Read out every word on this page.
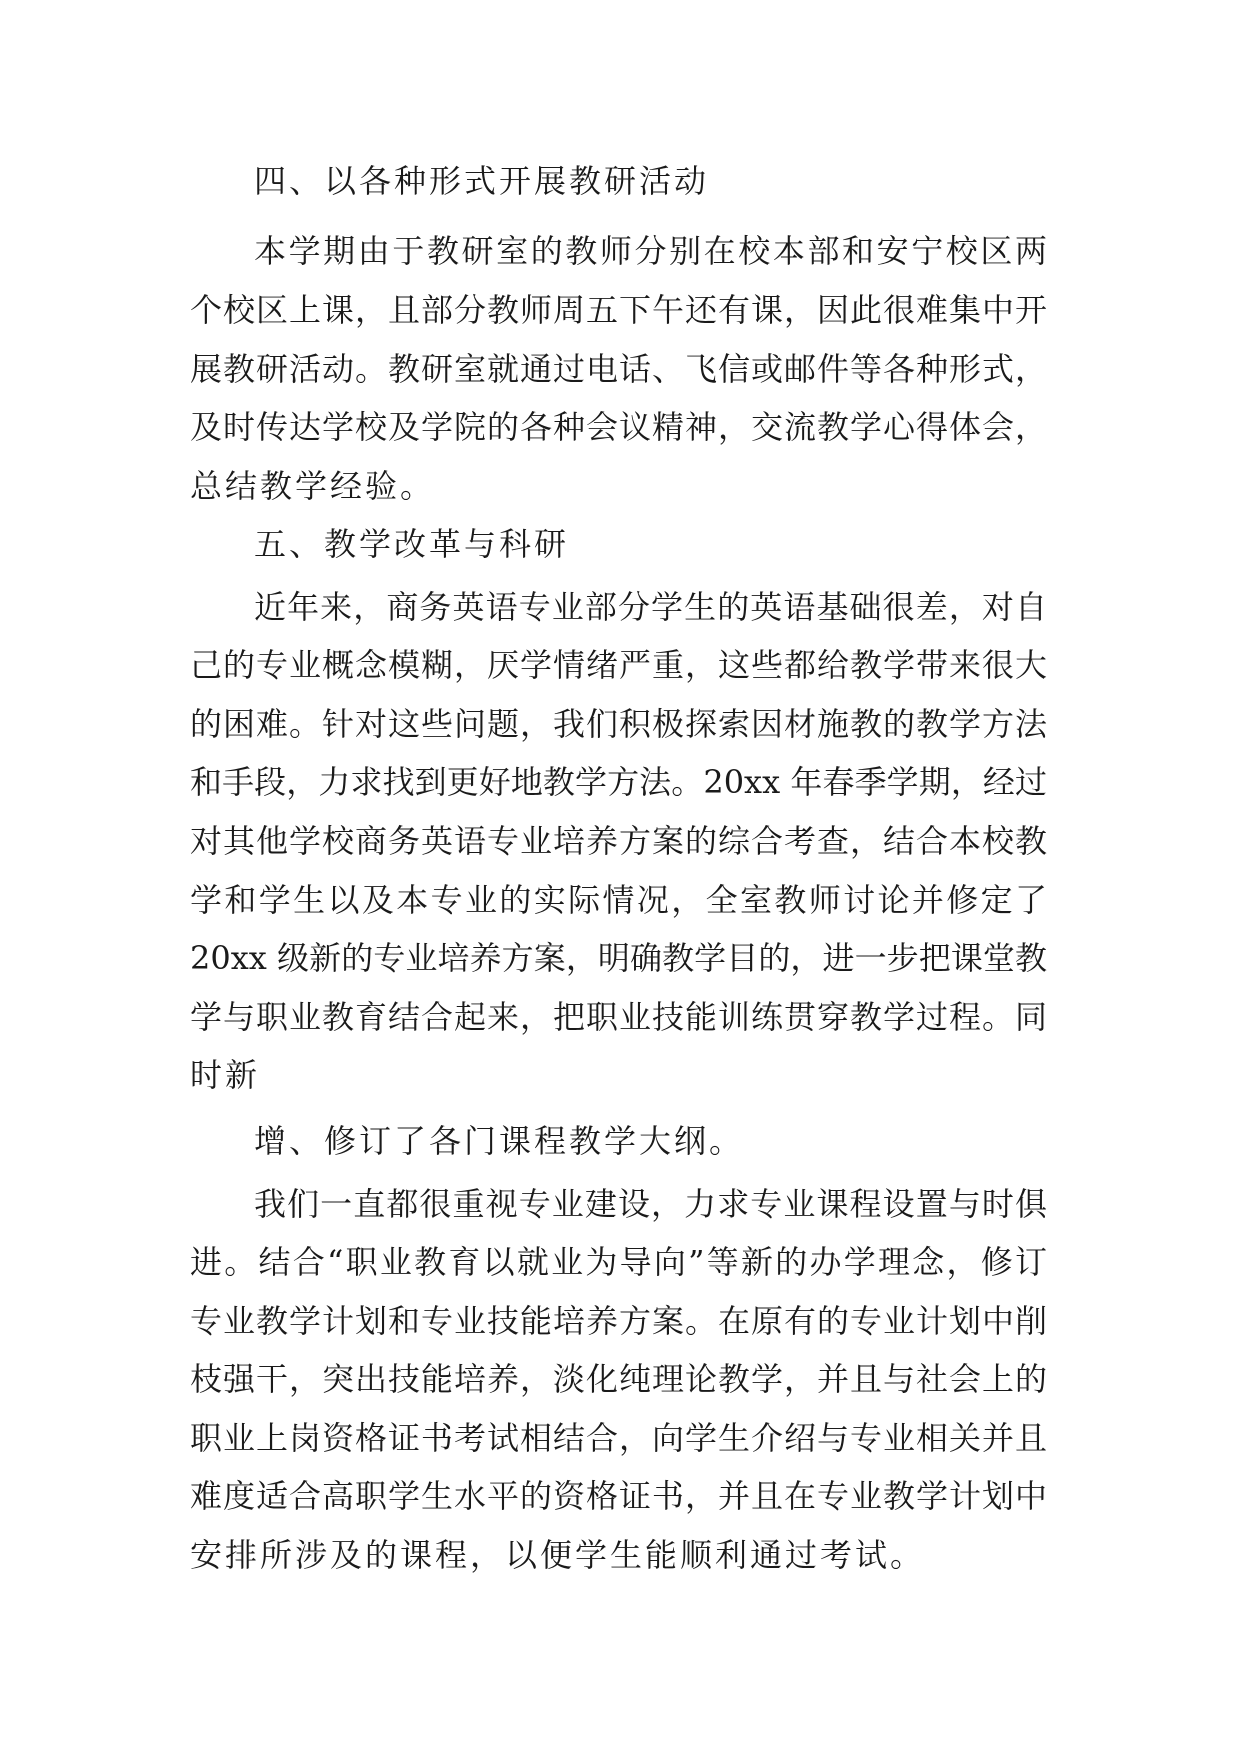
四、以各种形式开展教研活动

本学期由于教研室的教师分别在校本部和安宁校区两

个校区上课，且部分教师周五下午还有课，因此很难集中开

展教研活动。教研室就通过电话、飞信或邮件等各种形式，

及时传达学校及学院的各种会议精神，交流教学心得体会，

总结教学经验。

五、教学改革与科研

近年来，商务英语专业部分学生的英语基础很差，对自

己的专业概念模糊，厌学情绪严重，这些都给教学带来很大

的困难。针对这些问题，我们积极探索因材施教的教学方法

和手段，力求找到更好地教学方法。20xx 年春季学期，经过

对其他学校商务英语专业培养方案的综合考查，结合本校教

学和学生以及本专业的实际情况，全室教师讨论并修定了

20xx 级新的专业培养方案，明确教学目的，进一步把课堂教

学与职业教育结合起来，把职业技能训练贯穿教学过程。同

时新

增、修订了各门课程教学大纲。

我们一直都很重视专业建设，力求专业课程设置与时俱

进。结合“职业教育以就业为导向”等新的办学理念，修订

专业教学计划和专业技能培养方案。在原有的专业计划中削

枝强干，突出技能培养，淡化纯理论教学，并且与社会上的

职业上岗资格证书考试相结合，向学生介绍与专业相关并且

难度适合高职学生水平的资格证书，并且在专业教学计划中

安排所涉及的课程，以便学生能顺利通过考试。
